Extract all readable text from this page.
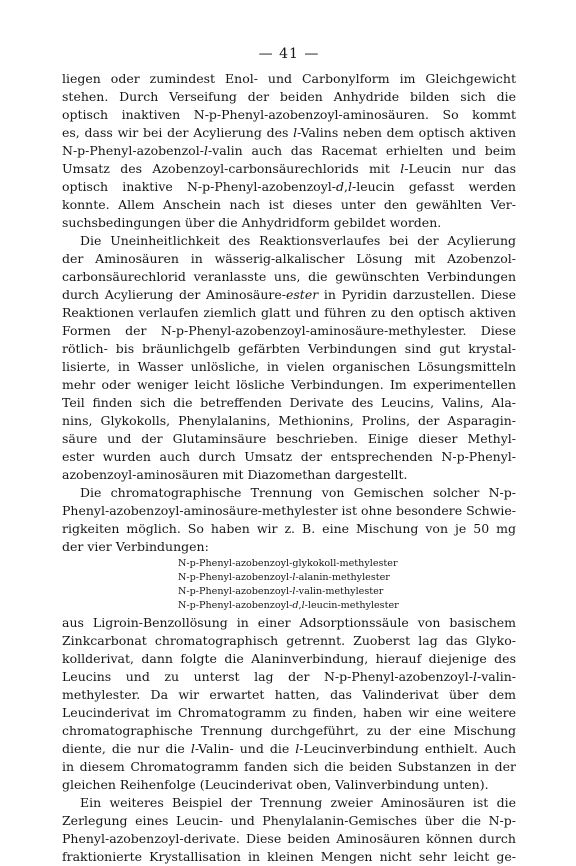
— 41 —
liegen oder zumindest Enol- und Carbonylform im Gleichgewicht
stehen. Durch Verseifung der beiden Anhydride bilden sich die
optisch inaktiven N-p-Phenyl-azobenzoyl-aminosäuren. So kommt
es, dass wir bei der Acylierung des l-Valins neben dem optisch aktiven
N-p-Phenyl-azobenzol-l-valin auch das Racemat erhielten und beim
Umsatz des Azobenzoyl-carbonsäurechlorids mit l-Leucin nur das
optisch inaktive N-p-Phenyl-azobenzoyl-d,l-leucin gefasst werden
konnte. Allem Anschein nach ist dieses unter den gewählten Ver-
suchsbedingungen über die Anhydridform gebildet worden.
Die Uneinheitlichkeit des Reaktionsverlaufes bei der Acylierung
der Aminosäuren in wässerig-alkalischer Lösung mit Azobenzol-
carbonsäurechlorid veranlasste uns, die gewünschten Verbindungen
durch Acylierung der Aminosäure-ester in Pyridin darzustellen. Diese
Reaktionen verlaufen ziemlich glatt und führen zu den optisch aktiven
Formen der N-p-Phenyl-azobenzoyl-aminosäure-methylester. Diese
rötlich- bis bräunlichgelb gefärbten Verbindungen sind gut krystal-
lisierte, in Wasser unlösliche, in vielen organischen Lösungsmitteln
mehr oder weniger leicht lösliche Verbindungen. Im experimentellen
Teil finden sich die betreffenden Derivate des Leucins, Valins, Ala-
nins, Glykokolls, Phenylalanins, Methionins, Prolins, der Asparagin-
säure und der Glutaminsäure beschrieben. Einige dieser Methyl-
ester wurden auch durch Umsatz der entsprechenden N-p-Phenyl-
azobenzoyl-aminosäuren mit Diazomethan dargestellt.
Die chromatographische Trennung von Gemischen solcher N-p-
Phenyl-azobenzoyl-aminosäure-methylester ist ohne besondere Schwie-
rigkeiten möglich. So haben wir z. B. eine Mischung von je 50 mg
der vier Verbindungen:
N-p-Phenyl-azobenzoyl-glykokoll-methylester
N-p-Phenyl-azobenzoyl-l-alanin-methylester
N-p-Phenyl-azobenzoyl-l-valin-methylester
N-p-Phenyl-azobenzoyl-d,l-leucin-methylester
aus Ligroin-Benzollösung in einer Adsorptionssäule von basischem
Zinkcarbonat chromatographisch getrennt. Zuoberst lag das Glyko-
kollderivat, dann folgte die Alaninverbindung, hierauf diejenige des
Leucins und zu unterst lag der N-p-Phenyl-azobenzoyl-l-valin-
methylester. Da wir erwartet hatten, das Valinderivat über dem
Leucinderivat im Chromatogramm zu finden, haben wir eine weitere
chromatographische Trennung durchgeführt, zu der eine Mischung
diente, die nur die l-Valin- und die l-Leucinverbindung enthielt. Auch
in diesem Chromatogramm fanden sich die beiden Substanzen in der
gleichen Reihenfolge (Leucinderivat oben, Valinverbindung unten).
Ein weiteres Beispiel der Trennung zweier Aminosäuren ist die
Zerlegung eines Leucin- und Phenylalanin-Gemisches über die N-p-
Phenyl-azobenzoyl-derivate. Diese beiden Aminosäuren können durch
fraktionierte Krystallisation in kleinen Mengen nicht sehr leicht ge-
